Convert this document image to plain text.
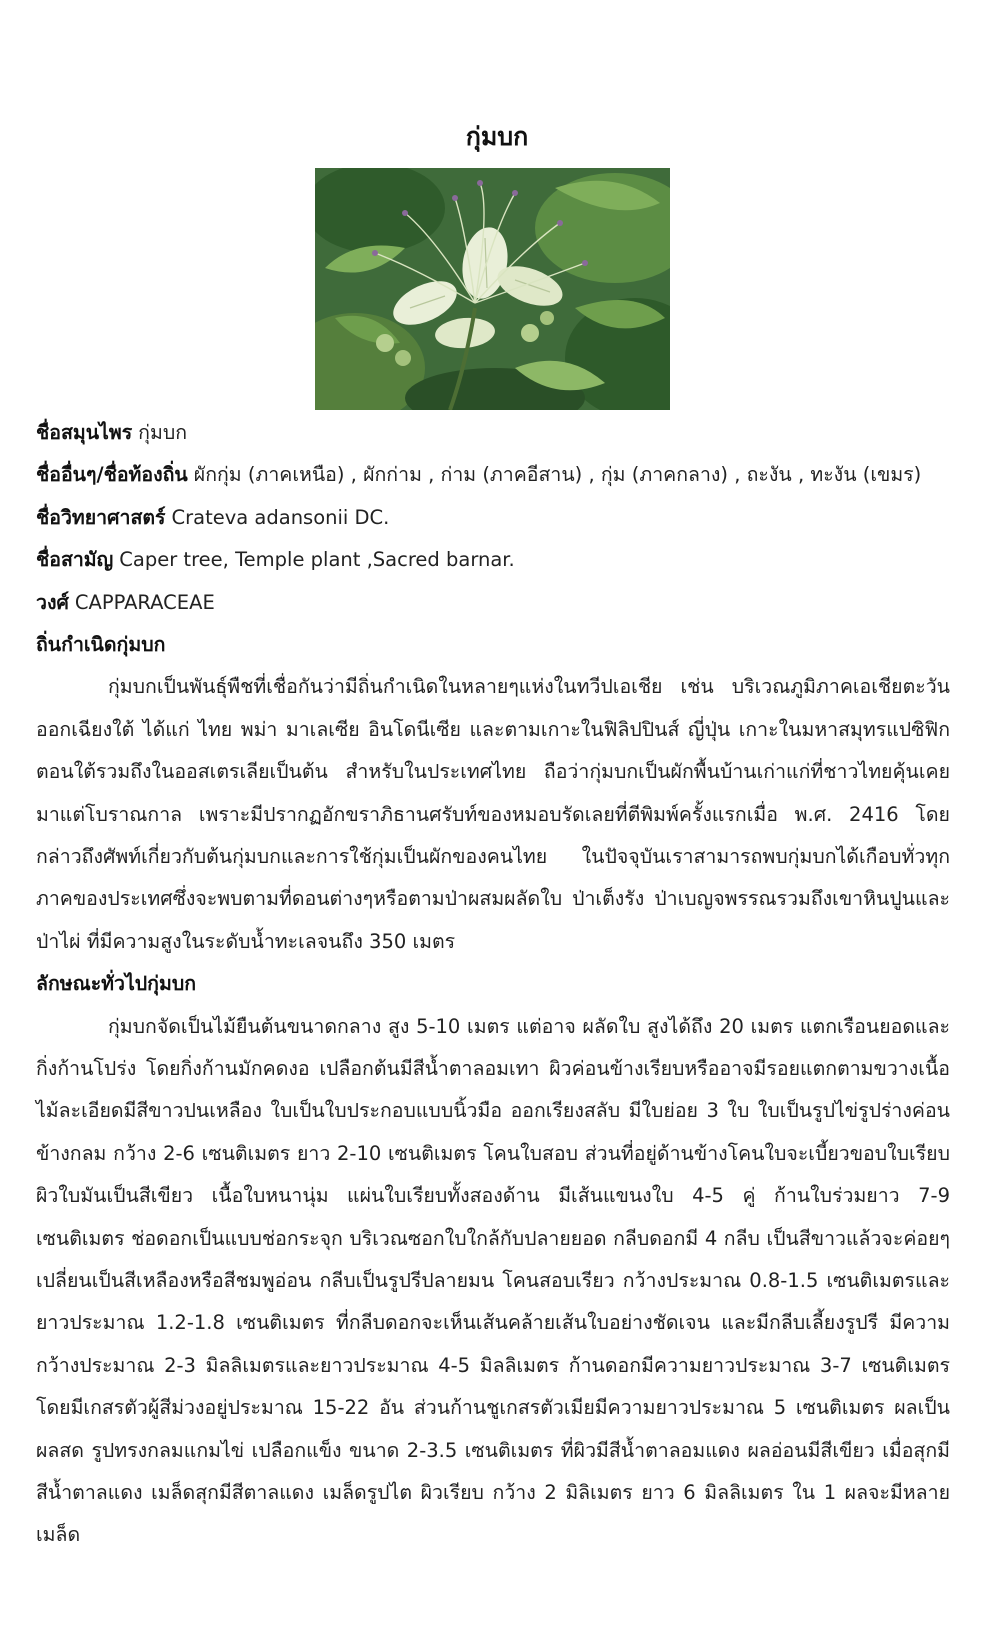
กุ่มบก
ชื่อสมุนไพร กุ่มบก
ชื่ออื่นๆ/ชื่อท้องถิ่น ผักกุ่ม (ภาคเหนือ) , ผักก่าม , ก่าม (ภาคอีสาน) , กุ่ม (ภาคกลาง) , ถะงัน , ทะงัน (เขมร)
ชื่อวิทยาศาสตร์ Crateva adansonii DC.
ชื่อสามัญ Caper tree, Temple plant ,Sacred barnar.
วงศ์ CAPPARACEAE
ถิ่นกำเนิดกุ่มบก
กุ่มบกเป็นพันธุ์พืชที่เชื่อกันว่ามีถิ่นกำเนิดในหลายๆแห่งในทวีปเอเชีย เช่น บริเวณภูมิภาคเอเชียตะวันออกเฉียงใต้ ได้แก่ ไทย พม่า มาเลเซีย อินโดนีเซีย และตามเกาะในฟิลิปปินส์ ญี่ปุ่น เกาะในมหาสมุทรแปซิฟิกตอนใต้รวมถึงในออสเตรเลียเป็นต้น สำหรับในประเทศไทย ถือว่ากุ่มบกเป็นผักพื้นบ้านเก่าแก่ที่ชาวไทยคุ้นเคยมาแต่โบราณกาล เพราะมีปรากฏอักขราภิธานศรับท์ของหมอบรัดเลยที่ตีพิมพ์ครั้งแรกเมื่อ พ.ศ. 2416 โดยกล่าวถึงศัพท์เกี่ยวกับต้นกุ่มบกและการใช้กุ่มเป็นผักของคนไทย ในปัจจุบันเราสามารถพบกุ่มบกได้เกือบทั่วทุกภาคของประเทศซึ่งจะพบตามที่ดอนต่างๆหรือตามป่าผสมผลัดใบ ป่าเต็งรัง ป่าเบญจพรรณรวมถึงเขาหินปูนและป่าไผ่ ที่มีความสูงในระดับน้ำทะเลจนถึง 350 เมตร
ลักษณะทั่วไปกุ่มบก
กุ่มบกจัดเป็นไม้ยืนต้นขนาดกลาง สูง 5-10 เมตร แต่อาจ ผลัดใบ สูงได้ถึง 20 เมตร แตกเรือนยอดและกิ่งก้านโปร่ง โดยกิ่งก้านมักคดงอ เปลือกต้นมีสีน้ำตาลอมเทา ผิวค่อนข้างเรียบหรืออาจมีรอยแตกตามขวางเนื้อไม้ละเอียดมีสีขาวปนเหลือง ใบเป็นใบประกอบแบบนิ้วมือ ออกเรียงสลับ มีใบย่อย 3 ใบ ใบเป็นรูปไข่รูปร่างค่อนข้างกลม กว้าง 2-6 เซนติเมตร ยาว 2-10 เซนติเมตร โคนใบสอบ ส่วนที่อยู่ด้านข้างโคนใบจะเบี้ยวขอบใบเรียบ ผิวใบมันเป็นสีเขียว เนื้อใบหนานุ่ม แผ่นใบเรียบทั้งสองด้าน มีเส้นแขนงใบ 4-5 คู่ ก้านใบร่วมยาว 7-9 เซนติเมตร ช่อดอกเป็นแบบช่อกระจุก บริเวณซอกใบใกล้กับปลายยอด กลีบดอกมี 4 กลีบ เป็นสีขาวแล้วจะค่อยๆ เปลี่ยนเป็นสีเหลืองหรือสีชมพูอ่อน กลีบเป็นรูปรีปลายมน โคนสอบเรียว กว้างประมาณ 0.8-1.5 เซนติเมตรและยาวประมาณ 1.2-1.8 เซนติเมตร ที่กลีบดอกจะเห็นเส้นคล้ายเส้นใบอย่างชัดเจน และมีกลีบเลี้ยงรูปรี มีความกว้างประมาณ 2-3 มิลลิเมตรและยาวประมาณ 4-5 มิลลิเมตร ก้านดอกมีความยาวประมาณ 3-7 เซนติเมตร โดยมีเกสรตัวผู้สีม่วงอยู่ประมาณ 15-22 อัน ส่วนก้านชูเกสรตัวเมียมีความยาวประมาณ 5 เซนติเมตร ผลเป็นผลสด รูปทรงกลมแกมไข่ เปลือกแข็ง ขนาด 2-3.5 เซนติเมตร ที่ผิวมีสีน้ำตาลอมแดง ผลอ่อนมีสีเขียว เมื่อสุกมีสีน้ำตาลแดง เมล็ดสุกมีสีตาลแดง เมล็ดรูปไต ผิวเรียบ กว้าง 2 มิลิเมตร ยาว 6 มิลลิเมตร ใน 1 ผลจะมีหลายเมล็ด
